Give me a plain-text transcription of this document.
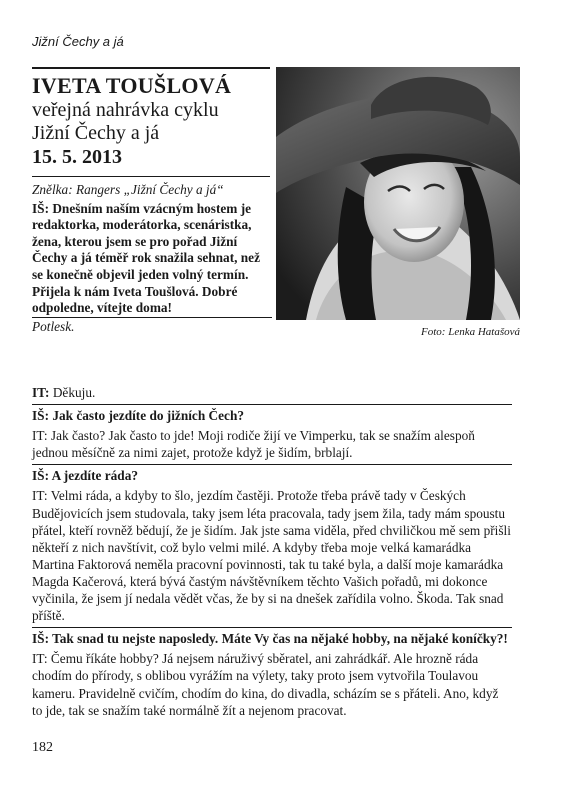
Jižní Čechy a já
IVETA TOUŠLOVÁ
veřejná nahrávka cyklu
Jižní Čechy a já
15. 5. 2013
Foto: Lenka Hatašová

Znělka: Rangers „Jižní Čechy a já“

IŠ: Dnešním naším vzácným hostem je redaktorka, moderátorka, scenáristka, žena, kterou jsem se pro pořad Jižní Čechy a já téměř rok snažila sehnat, než se konečně objevil jeden volný termín. Přijela k nám Iveta Toušlová. Dobré odpoledne, vítejte doma!

Potlesk.

IT: Děkuju.

IŠ: Jak často jezdíte do jižních Čech?

IT: Jak často? Jak často to jde! Moji rodiče žijí ve Vimperku, tak se snažím alespoň jednou měsíčně za nimi zajet, protože když je šidím, brblají.

IŠ: A jezdíte ráda?

IT: Velmi ráda, a kdyby to šlo, jezdím častěji. Protože třeba právě tady v Českých Budějovicích jsem studovala, taky jsem léta pracovala, tady jsem žila, tady mám spoustu přátel, kteří rovněž bědují, že je šidím. Jak jste sama viděla, před chviličkou mě sem přišli někteří z nich navštívit, což bylo velmi milé. A kdyby třeba moje velká kamarádka Martina Faktorová neměla pracovní povinnosti, tak tu také byla, a další moje kamarádka Magda Kačerová, která bývá častým návštěvníkem těchto Vašich pořadů, mi dokonce vyčinila, že jsem jí nedala vědět včas, že by si na dnešek zařídila volno. Škoda. Tak snad příště.

IŠ: Tak snad tu nejste naposledy. Máte Vy čas na nějaké hobby, na nějaké koníčky?!

IT: Čemu říkáte hobby? Já nejsem náruživý sběratel, ani zahrádkář. Ale hrozně ráda chodím do přírody, s oblibou vyrážím na výlety, taky proto jsem vytvořila Toulavou kameru. Pravidelně cvičím, chodím do kina, do divadla, scházím se s přáteli. Ano, když to jde, tak se snažím také normálně žít a nejenom pracovat.

182
